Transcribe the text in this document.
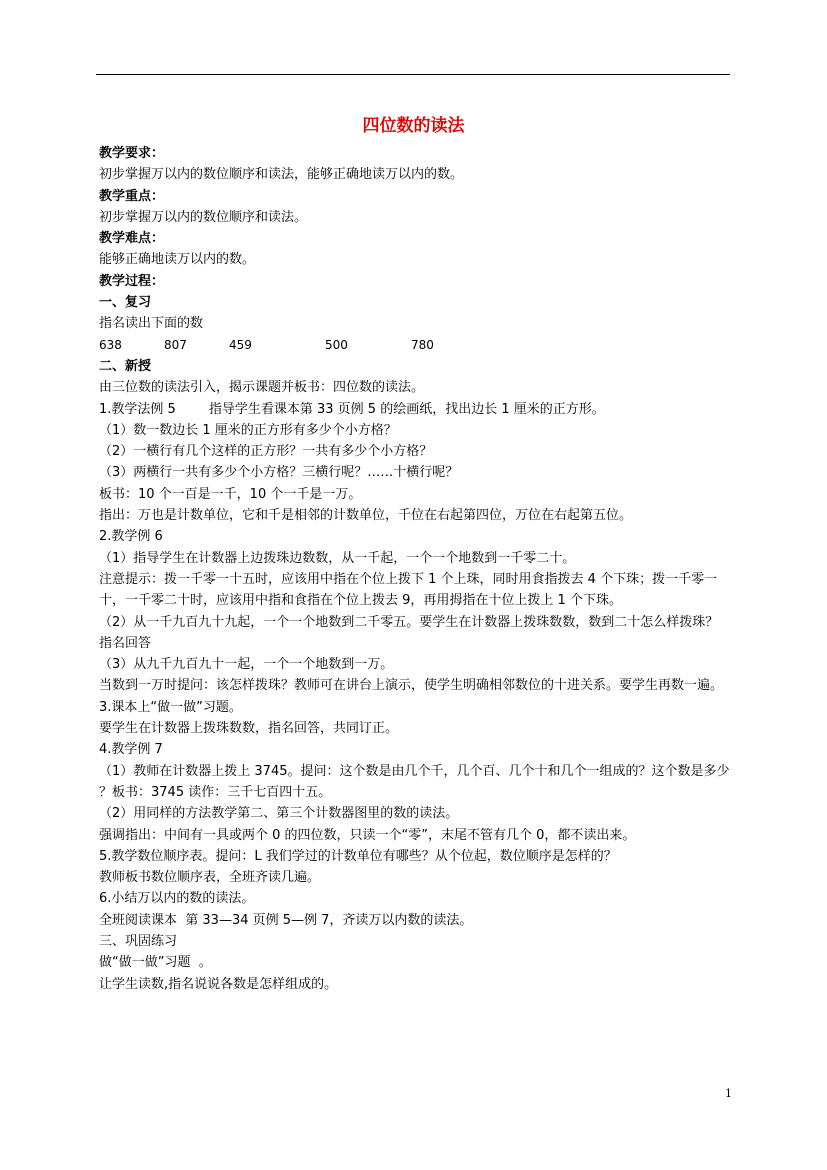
四位数的读法
教学要求：
初步掌握万以内的数位顺序和读法，能够正确地读万以内的数。
教学重点：
初步掌握万以内的数位顺序和读法。
教学难点：
能够正确地读万以内的数。
教学过程：
一、复习
指名读出下面的数
638	807	459	500	780
二、新授
由三位数的读法引入，揭示课题并板书：四位数的读法。
1.教学法例 5        指导学生看课本第 33 页例 5 的绘画纸，找出边长 1 厘米的正方形。
（1）数一数边长 1 厘米的正方形有多少个小方格？
（2）一横行有几个这样的正方形？一共有多少个小方格？
（3）两横行一共有多少个小方格？三横行呢？……十横行呢？
板书：10 个一百是一千，10 个一千是一万。
指出：万也是计数单位，它和千是相邻的计数单位，千位在右起第四位，万位在右起第五位。
2.教学例 6
（1）指导学生在计数器上边拨珠边数数，从一千起，一个一个地数到一千零二十。
注意提示：拨一千零一十五时，应该用中指在个位上拨下 1 个上珠，同时用食指拨去 4 个下珠；拨一千零一十，一千零二十时，应该用中指和食指在个位上拨去 9，再用拇指在十位上拨上 1 个下珠。
（2）从一千九百九十九起，一个一个地数到二千零五。要学生在计数器上拨珠数数，数到二十怎么样拨珠？指名回答
（3）从九千九百九十一起，一个一个地数到一万。
当数到一万时提问：该怎样拨珠？教师可在讲台上演示，使学生明确相邻数位的十进关系。要学生再数一遍。
3.课本上“做一做”习题。
要学生在计数器上拨珠数数，指名回答，共同订正。
4.教学例 7
（1）教师在计数器上拨上 3745。提问：这个数是由几个千，几个百、几个十和几个一组成的？这个数是多少 ？板书：3745 读作：三千七百四十五。
（2）用同样的方法教学第二、第三个计数器图里的数的读法。
强调指出：中间有一具或两个 0 的四位数，只读一个“零”，末尾不管有几个 0，都不读出来。
5.教学数位顺序表。提问：L 我们学过的计数单位有哪些？从个位起，数位顺序是怎样的？
教师板书数位顺序表，全班齐读几遍。
6.小结万以内的数的读法。
全班阅读课本  第 33—34 页例 5—例 7，齐读万以内数的读法。
三、巩固练习
做“做一做”习题  。
让学生读数,指名说说各数是怎样组成的。
1
